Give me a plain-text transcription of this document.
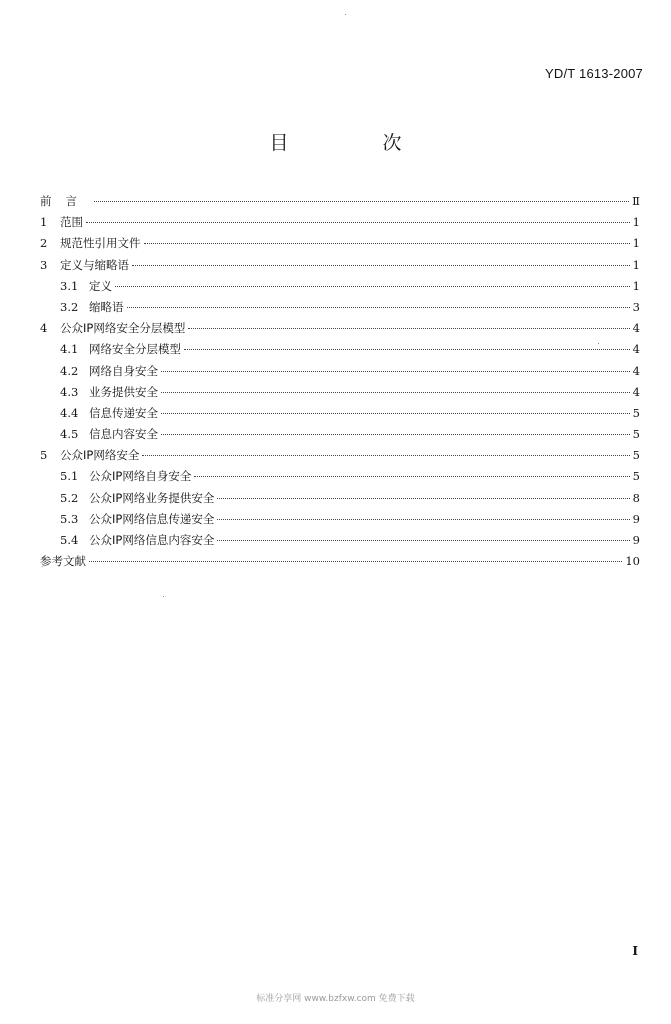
YD/T 1613-2007
目 次
前言	Ⅱ
1	范围	1
2	规范性引用文件	1
3	定义与缩略语	1
3.1 定义	1
3.2 缩略语	3
4	公众IP网络安全分层模型	4
4.1 网络安全分层模型	4
4.2 网络自身安全	4
4.3 业务提供安全	4
4.4 信息传递安全	5
4.5 信息内容安全	5
5	公众IP网络安全	5
5.1 公众IP网络自身安全	5
5.2 公众IP网络业务提供安全	8
5.3 公众IP网络信息传递安全	9
5.4 公众IP网络信息内容安全	9
参考文献	10
I
标准分享网 www.bzfxw.com 免费下载
